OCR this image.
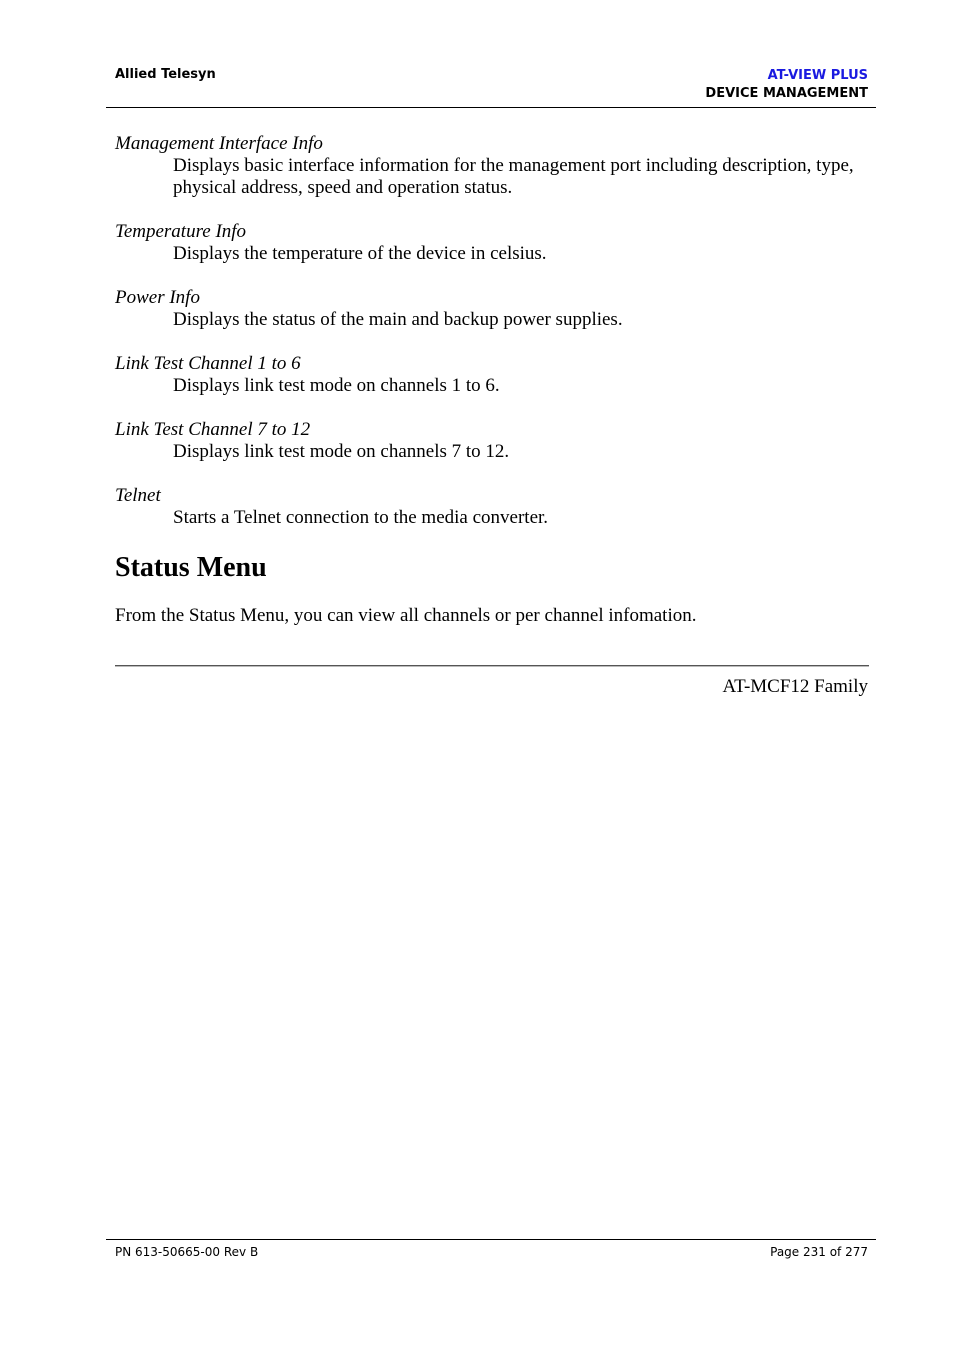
Allied Telesyn	AT-VIEW PLUS
DEVICE MANAGEMENT
Management Interface Info
Displays basic interface information for the management port including description, type, physical address, speed and operation status.
Temperature Info
Displays the temperature of the device in celsius.
Power Info
Displays the status of the main and backup power supplies.
Link Test Channel 1 to 6
Displays link test mode on channels 1 to 6.
Link Test Channel 7 to 12
Displays link test mode on channels 7 to 12.
Telnet
Starts a Telnet connection to the media converter.
Status Menu
From the Status Menu, you can view all channels or per channel infomation.
AT-MCF12 Family
PN 613-50665-00 Rev B	Page 231 of 277
